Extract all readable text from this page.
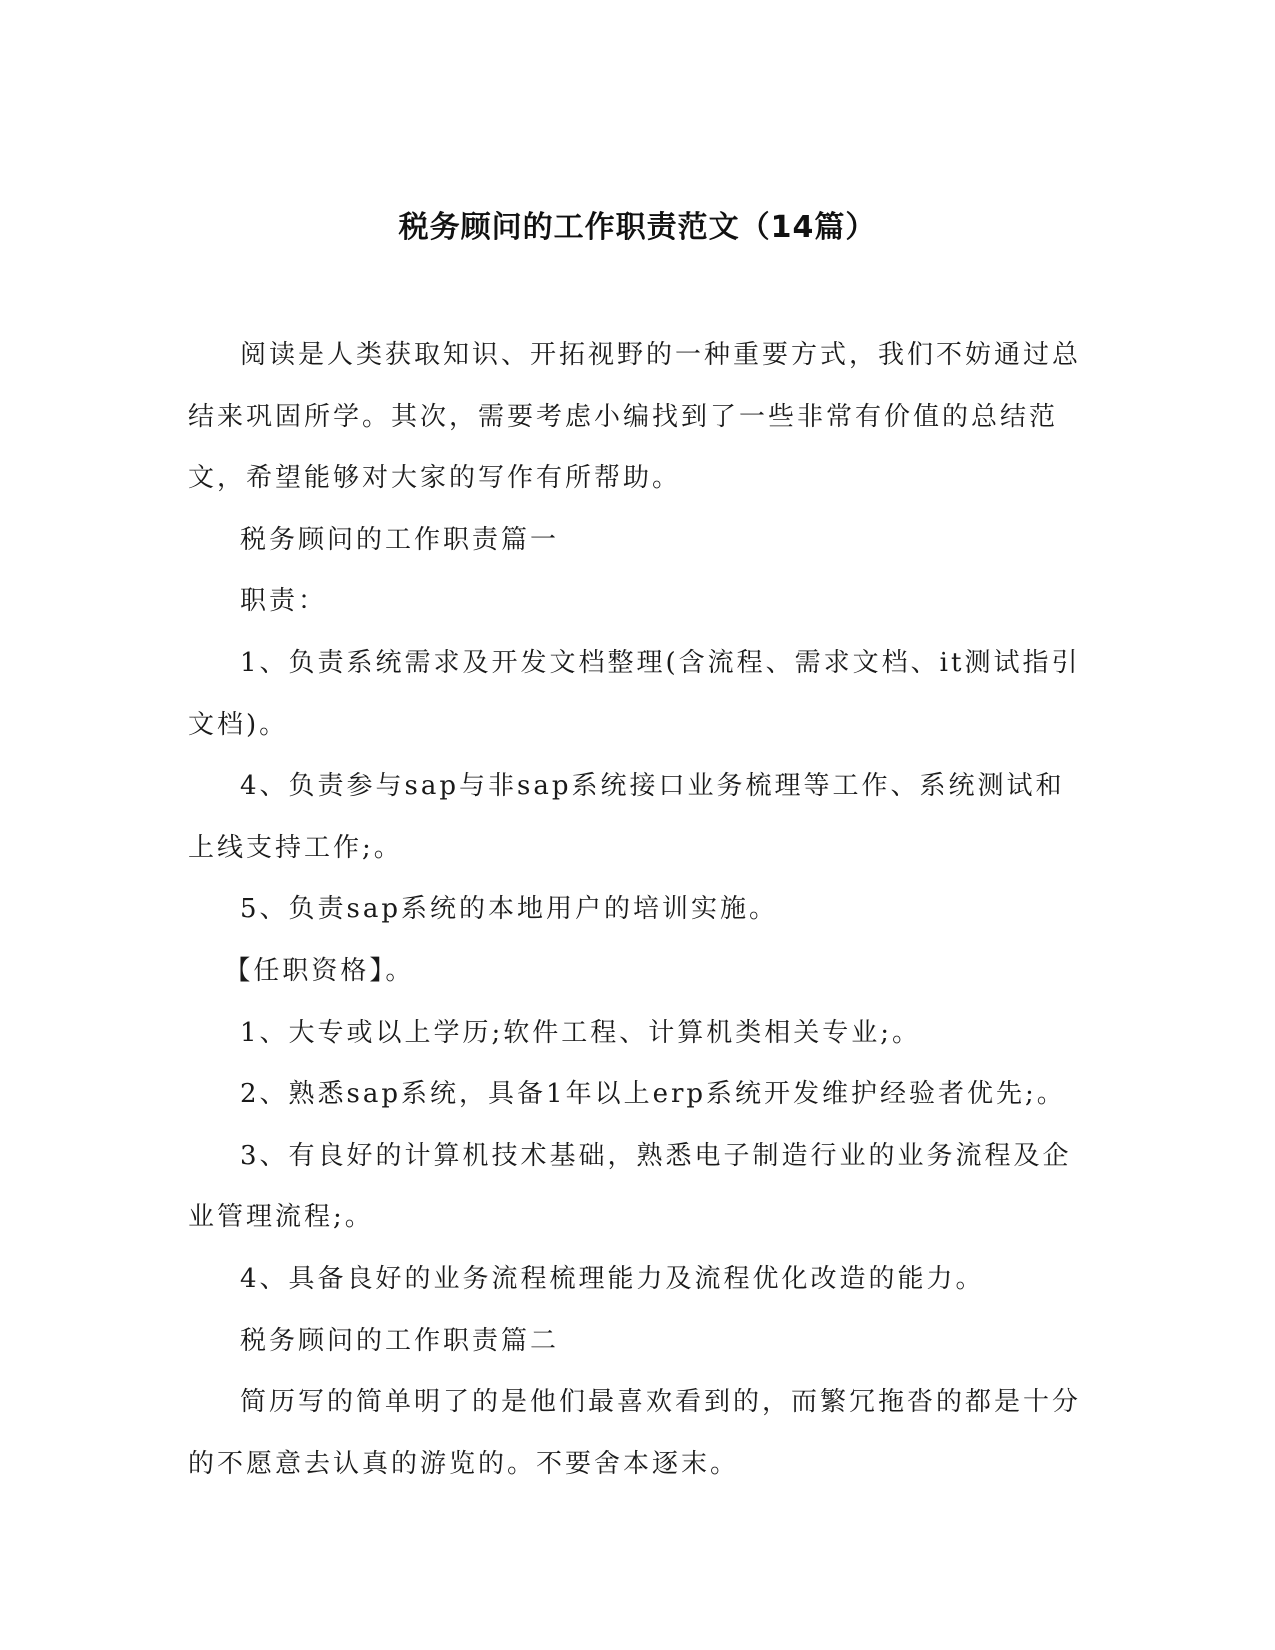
税务顾问的工作职责范文（14篇）

阅读是人类获取知识、开拓视野的一种重要方式，我们不妨通过总结来巩固所学。其次，需要考虑小编找到了一些非常有价值的总结范文，希望能够对大家的写作有所帮助。

税务顾问的工作职责篇一

职责：

1、负责系统需求及开发文档整理(含流程、需求文档、it测试指引文档)。

4、负责参与sap与非sap系统接口业务梳理等工作、系统测试和上线支持工作;。

5、负责sap系统的本地用户的培训实施。

【任职资格】。

1、大专或以上学历;软件工程、计算机类相关专业;。

2、熟悉sap系统，具备1年以上erp系统开发维护经验者优先;。

3、有良好的计算机技术基础，熟悉电子制造行业的业务流程及企业管理流程;。

4、具备良好的业务流程梳理能力及流程优化改造的能力。

税务顾问的工作职责篇二

简历写的简单明了的是他们最喜欢看到的，而繁冗拖沓的都是十分的不愿意去认真的游览的。不要舍本逐末。
